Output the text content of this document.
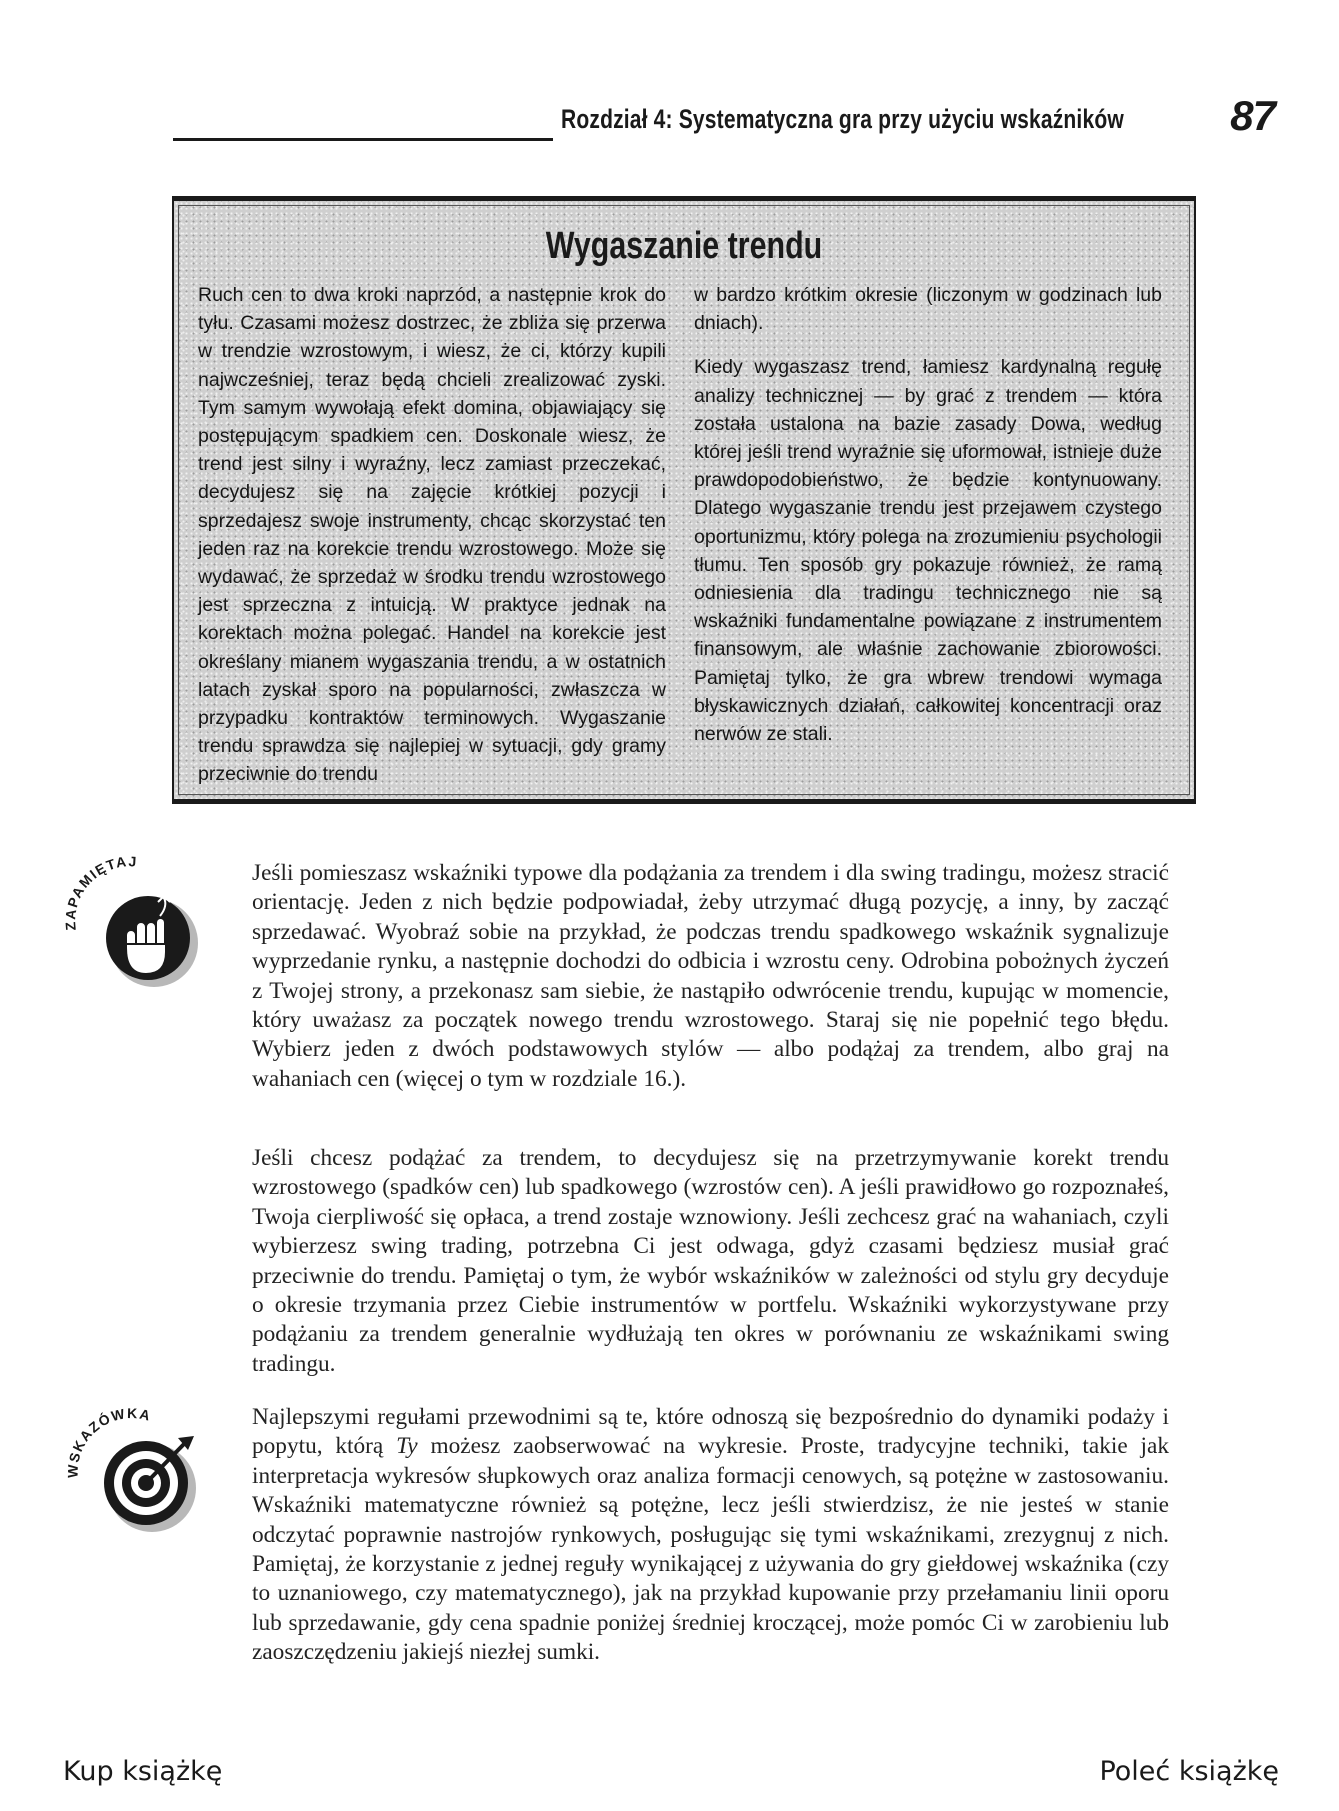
Rozdział 4: Systematyczna gra przy użyciu wskaźników	87
Wygaszanie trendu

Ruch cen to dwa kroki naprzód, a następnie krok do tyłu. Czasami możesz dostrzec, że zbliża się przerwa w trendzie wzrostowym, i wiesz, że ci, którzy kupili najwcześniej, teraz będą chcieli zrealizować zyski. Tym samym wywołają efekt domina, objawiający się postępującym spadkiem cen. Doskonale wiesz, że trend jest silny i wyraźny, lecz zamiast przeczekać, decydujesz się na zajęcie krótkiej pozycji i sprzedajesz swoje instrumenty, chcąc skorzystać ten jeden raz na korekcie trendu wzrostowego. Może się wydawać, że sprzedaż w środku trendu wzrostowego jest sprzeczna z intuicją. W praktyce jednak na korektach można polegać. Handel na korekcie jest określany mianem wygaszania trendu, a w ostatnich latach zyskał sporo na popularności, zwłaszcza w przypadku kontraktów terminowych. Wygaszanie trendu sprawdza się najlepiej w sytuacji, gdy gramy przeciwnie do trendu

w bardzo krótkim okresie (liczonym w godzinach lub dniach).

Kiedy wygaszasz trend, łamiesz kardynalną regułę analizy technicznej — by grać z trendem — która została ustalona na bazie zasady Dowa, według której jeśli trend wyraźnie się uformował, istnieje duże prawdopodobieństwo, że będzie kontynuowany. Dlatego wygaszanie trendu jest przejawem czystego oportunizmu, który polega na zrozumieniu psychologii tłumu. Ten sposób gry pokazuje również, że ramą odniesienia dla tradingu technicznego nie są wskaźniki fundamentalne powiązane z instrumentem finansowym, ale właśnie zachowanie zbiorowości. Pamiętaj tylko, że gra wbrew trendowi wymaga błyskawicznych działań, całkowitej koncentracji oraz nerwów ze stali.

ZAPAMIĘTAJ
WSKAZÓWKA

Jeśli pomieszasz wskaźniki typowe dla podążania za trendem i dla swing tradingu, możesz stracić orientację. Jeden z nich będzie podpowiadał, żeby utrzymać długą pozycję, a inny, by zacząć sprzedawać. Wyobraź sobie na przykład, że podczas trendu spadkowego wskaźnik sygnalizuje wyprzedanie rynku, a następnie dochodzi do odbicia i wzrostu ceny. Odrobina pobożnych życzeń z Twojej strony, a przekonasz sam siebie, że nastąpiło odwrócenie trendu, kupując w momencie, który uważasz za początek nowego trendu wzrostowego. Staraj się nie popełnić tego błędu. Wybierz jeden z dwóch podstawowych stylów — albo podążaj za trendem, albo graj na wahaniach cen (więcej o tym w rozdziale 16.).

Jeśli chcesz podążać za trendem, to decydujesz się na przetrzymywanie korekt trendu wzrostowego (spadków cen) lub spadkowego (wzrostów cen). A jeśli prawidłowo go rozpoznałeś, Twoja cierpliwość się opłaca, a trend zostaje wznowiony. Jeśli zechcesz grać na wahaniach, czyli wybierzesz swing trading, potrzebna Ci jest odwaga, gdyż czasami będziesz musiał grać przeciwnie do trendu. Pamiętaj o tym, że wybór wskaźników w zależności od stylu gry decyduje o okresie trzymania przez Ciebie instrumentów w portfelu. Wskaźniki wykorzystywane przy podążaniu za trendem generalnie wydłużają ten okres w porównaniu ze wskaźnikami swing tradingu.

Najlepszymi regułami przewodnimi są te, które odnoszą się bezpośrednio do dynamiki podaży i popytu, którą Ty możesz zaobserwować na wykresie. Proste, tradycyjne techniki, takie jak interpretacja wykresów słupkowych oraz analiza formacji cenowych, są potężne w zastosowaniu. Wskaźniki matematyczne również są potężne, lecz jeśli stwierdzisz, że nie jesteś w stanie odczytać poprawnie nastrojów rynkowych, posługując się tymi wskaźnikami, zrezygnuj z nich. Pamiętaj, że korzystanie z jednej reguły wynikającej z używania do gry giełdowej wskaźnika (czy to uznaniowego, czy matematycznego), jak na przykład kupowanie przy przełamaniu linii oporu lub sprzedawanie, gdy cena spadnie poniżej średniej kroczącej, może pomóc Ci w zarobieniu lub zaoszczędzeniu jakiejś niezłej sumki.

Kup książkę	Poleć książkę
